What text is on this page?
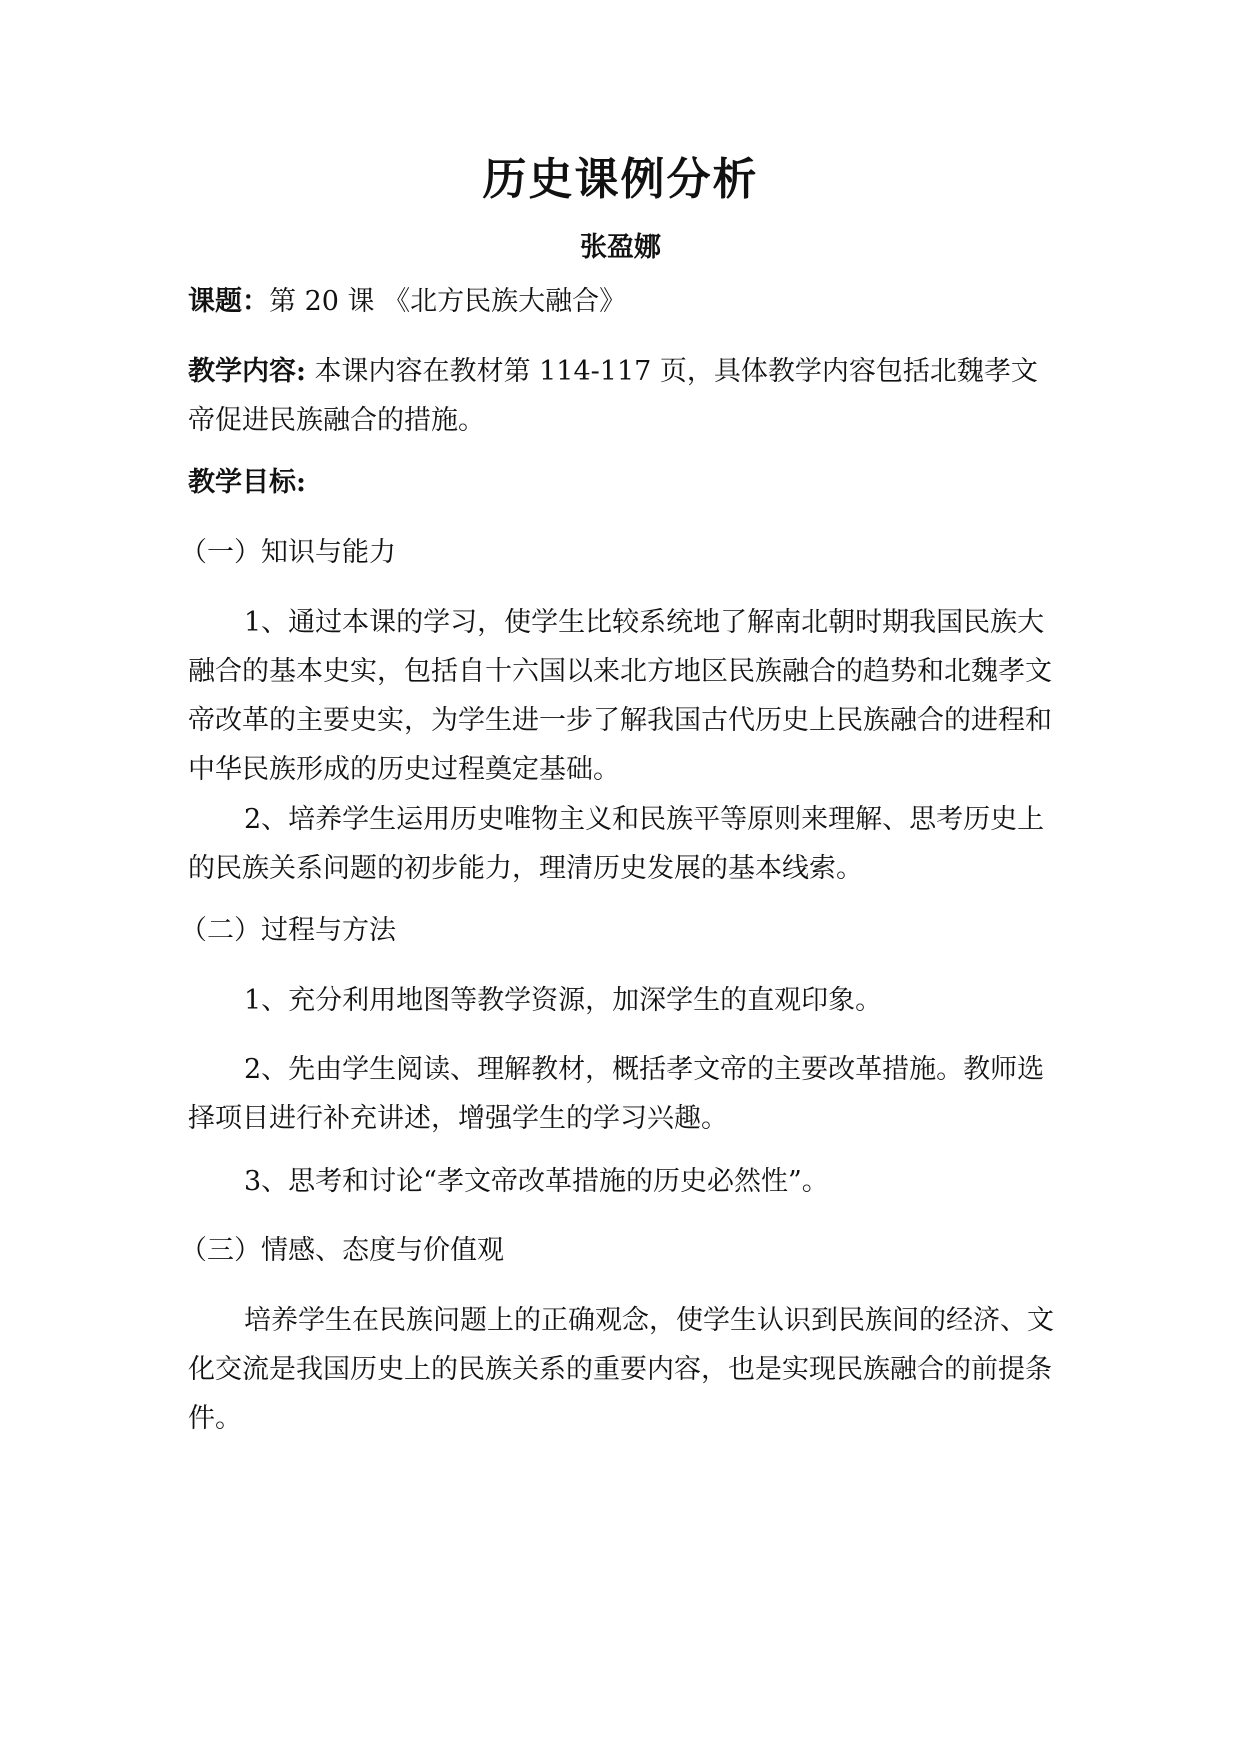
历史课例分析
张盈娜
课题：第 20 课 《北方民族大融合》
教学内容: 本课内容在教材第 114-117 页，具体教学内容包括北魏孝文帝促进民族融合的措施。
教学目标:
（一）知识与能力
1、通过本课的学习，使学生比较系统地了解南北朝时期我国民族大融合的基本史实，包括自十六国以来北方地区民族融合的趋势和北魏孝文帝改革的主要史实，为学生进一步了解我国古代历史上民族融合的进程和中华民族形成的历史过程奠定基础。
2、培养学生运用历史唯物主义和民族平等原则来理解、思考历史上的民族关系问题的初步能力，理清历史发展的基本线索。
（二）过程与方法
1、充分利用地图等教学资源，加深学生的直观印象。
2、先由学生阅读、理解教材，概括孝文帝的主要改革措施。教师选择项目进行补充讲述，增强学生的学习兴趣。
3、思考和讨论“孝文帝改革措施的历史必然性”。
（三）情感、态度与价值观
培养学生在民族问题上的正确观念，使学生认识到民族间的经济、文化交流是我国历史上的民族关系的重要内容，也是实现民族融合的前提条件。
